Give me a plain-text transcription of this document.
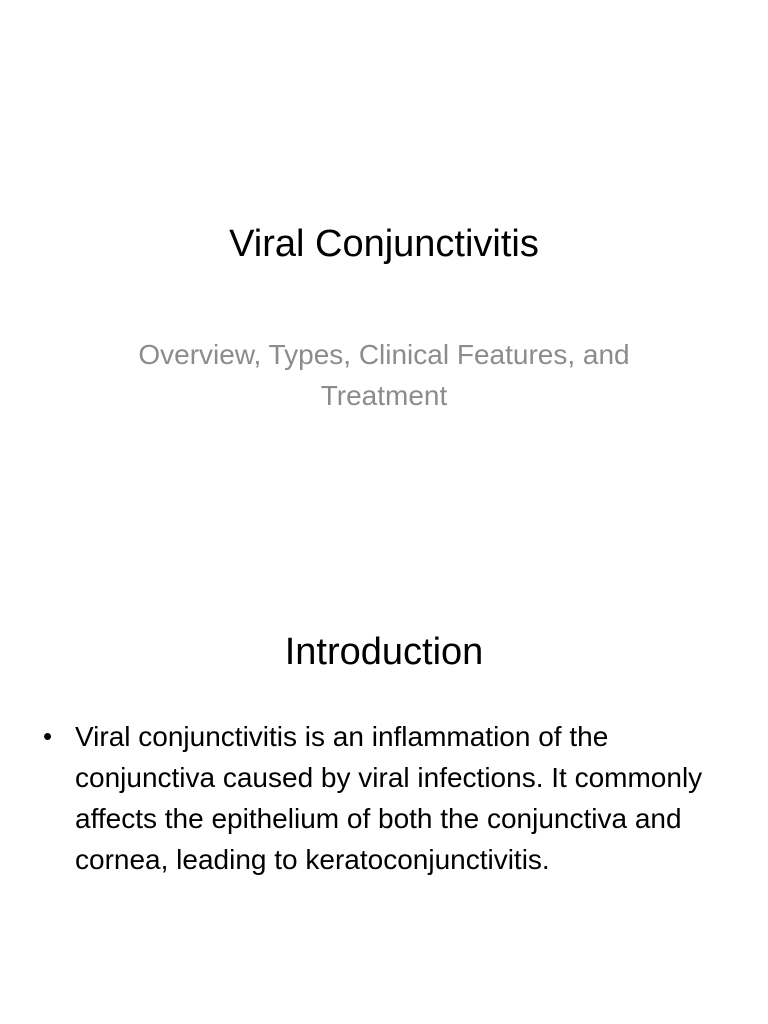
Viral Conjunctivitis

Overview, Types, Clinical Features, and Treatment

Introduction
• Viral conjunctivitis is an inflammation of the conjunctiva caused by viral infections. It commonly affects the epithelium of both the conjunctiva and cornea, leading to keratoconjunctivitis.
